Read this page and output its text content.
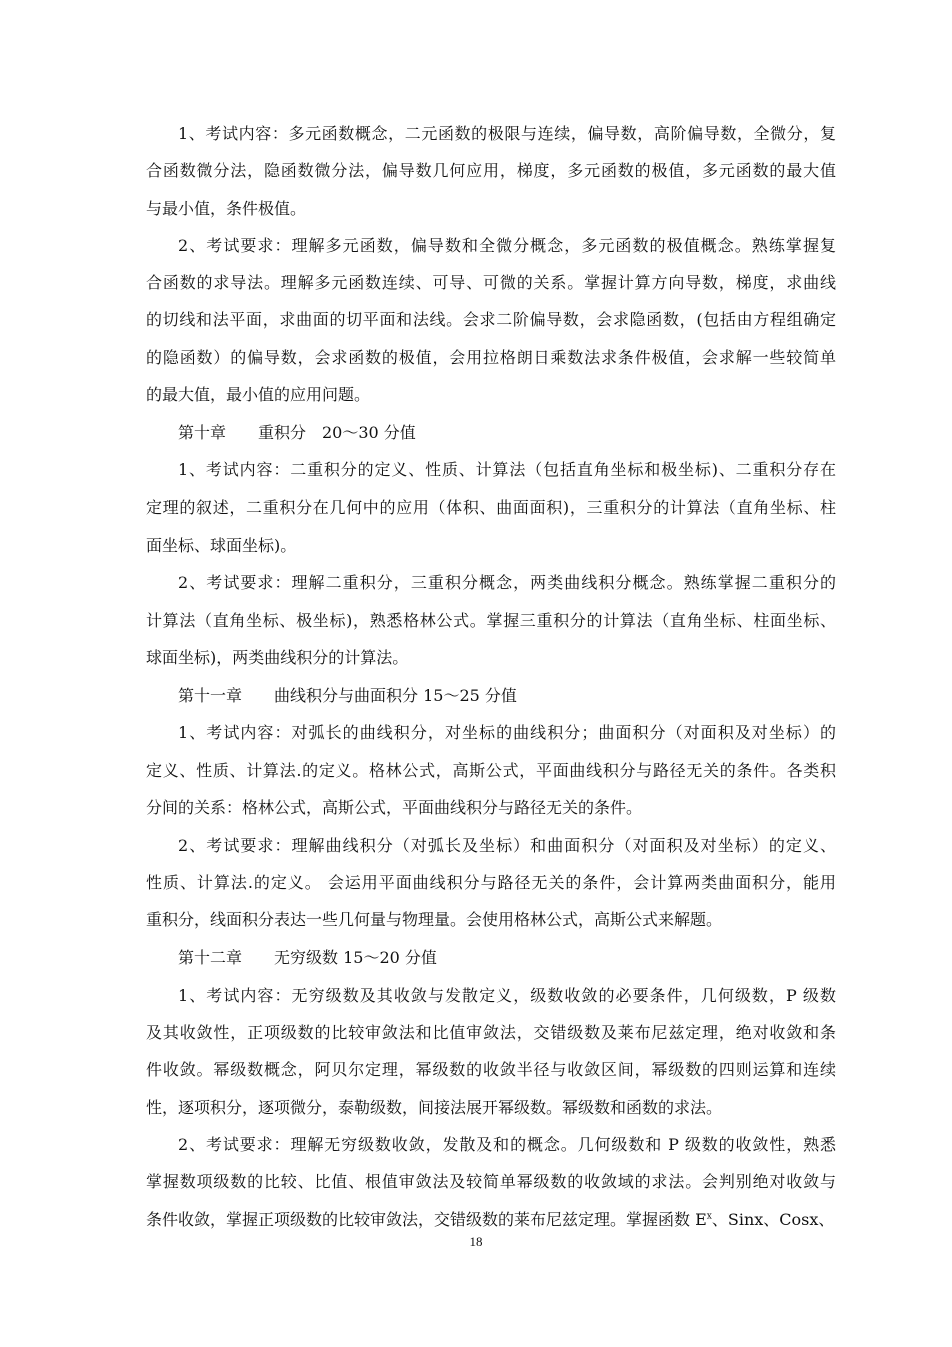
1、考试内容：多元函数概念，二元函数的极限与连续，偏导数，高阶偏导数，全微分，复
合函数微分法，隐函数微分法，偏导数几何应用，梯度，多元函数的极值，多元函数的最大值
与最小值，条件极值。
2、考试要求：理解多元函数，偏导数和全微分概念，多元函数的极值概念。熟练掌握复
合函数的求导法。理解多元函数连续、可导、可微的关系。掌握计算方向导数，梯度，求曲线
的切线和法平面，求曲面的切平面和法线。会求二阶偏导数，会求隐函数，(包括由方程组确定
的隐函数）的偏导数，会求函数的极值，会用拉格朗日乘数法求条件极值，会求解一些较简单
的最大值，最小值的应用问题。
第十章　　重积分　20～30 分值
1、考试内容：二重积分的定义、性质、计算法（包括直角坐标和极坐标)、二重积分存在
定理的叙述，二重积分在几何中的应用（体积、曲面面积)，三重积分的计算法（直角坐标、柱
面坐标、球面坐标)。
2、考试要求：理解二重积分，三重积分概念，两类曲线积分概念。熟练掌握二重积分的
计算法（直角坐标、极坐标)，熟悉格林公式。掌握三重积分的计算法（直角坐标、柱面坐标、
球面坐标)，两类曲线积分的计算法。
第十一章　　曲线积分与曲面积分 15～25 分值
1、考试内容：对弧长的曲线积分，对坐标的曲线积分；曲面积分（对面积及对坐标）的
定义、性质、计算法.的定义。格林公式，高斯公式，平面曲线积分与路径无关的条件。各类积
分间的关系：格林公式，高斯公式，平面曲线积分与路径无关的条件。
2、考试要求：理解曲线积分（对弧长及坐标）和曲面积分（对面积及对坐标）的定义、
性质、计算法.的定义。 会运用平面曲线积分与路径无关的条件，会计算两类曲面积分，能用
重积分，线面积分表达一些几何量与物理量。会使用格林公式，高斯公式来解题。
第十二章　　无穷级数 15～20 分值
1、考试内容：无穷级数及其收敛与发散定义，级数收敛的必要条件，几何级数，P 级数
及其收敛性，正项级数的比较审敛法和比值审敛法，交错级数及莱布尼兹定理，绝对收敛和条
件收敛。幂级数概念，阿贝尔定理，幂级数的收敛半径与收敛区间，幂级数的四则运算和连续
性，逐项积分，逐项微分，泰勒级数，间接法展开幂级数。幂级数和函数的求法。
2、考试要求：理解无穷级数收敛，发散及和的概念。几何级数和 P 级数的收敛性，熟悉
掌握数项级数的比较、比值、根值审敛法及较简单幂级数的收敛域的求法。会判别绝对收敛与
条件收敛，掌握正项级数的比较审敛法，交错级数的莱布尼兹定理。掌握函数 $E^x$、Sinx、Cosx、
18
